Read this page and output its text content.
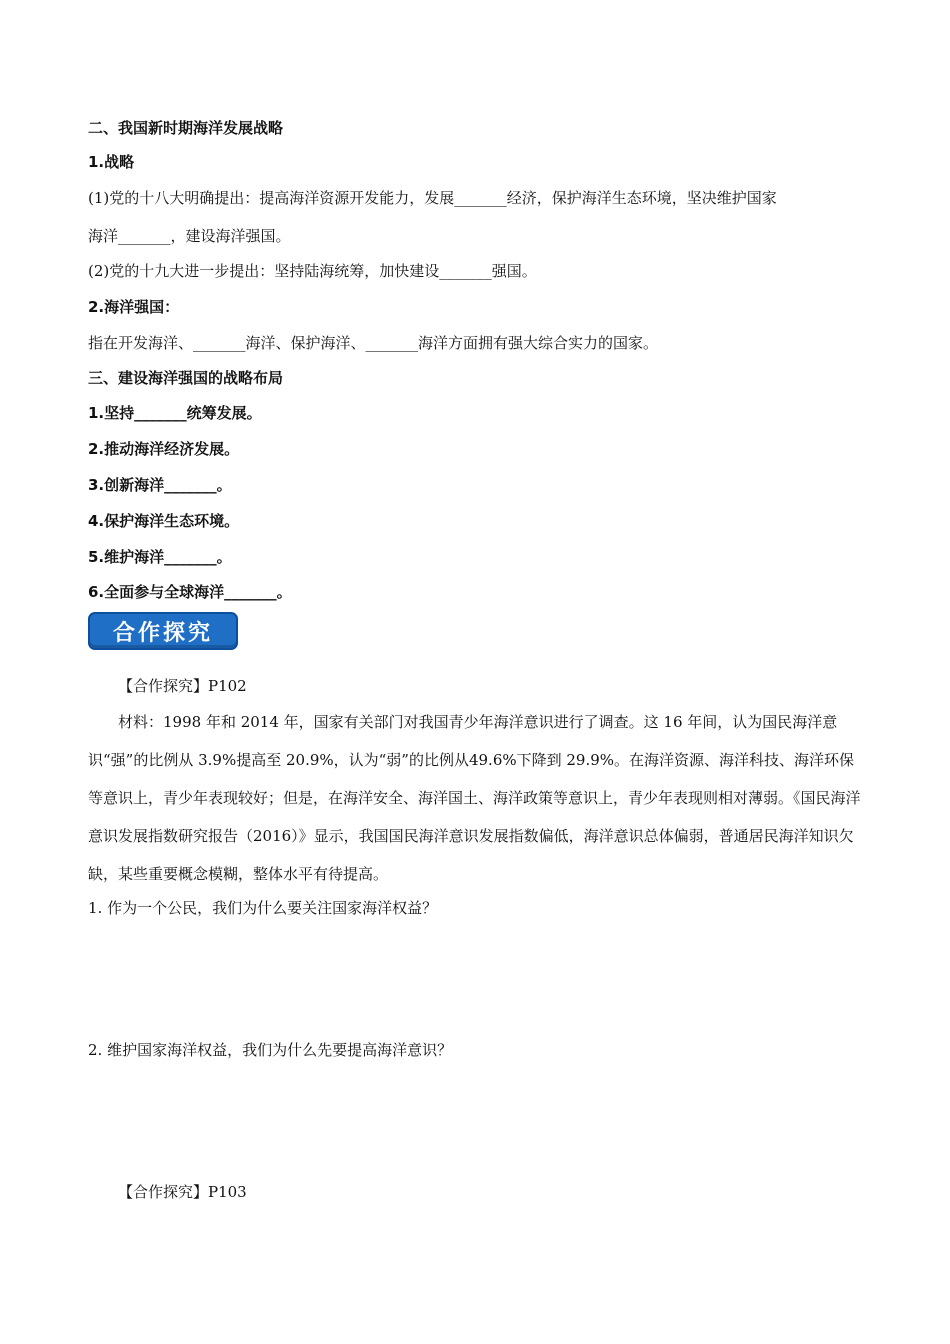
二、我国新时期海洋发展战略
1.战略
(1)党的十八大明确提出：提高海洋资源开发能力，发展_______经济，保护海洋生态环境，坚决维护国家
海洋_______，建设海洋强国。
(2)党的十九大进一步提出：坚持陆海统筹，加快建设_______强国。
2.海洋强国：
指在开发海洋、_______海洋、保护海洋、_______海洋方面拥有强大综合实力的国家。
三、建设海洋强国的战略布局
1.坚持_______统筹发展。
2.推动海洋经济发展。
3.创新海洋_______。
4.保护海洋生态环境。
5.维护海洋_______。
6.全面参与全球海洋_______。
合作探究
【合作探究】P102
材料：1998 年和 2014 年，国家有关部门对我国青少年海洋意识进行了调查。这 16 年间，认为国民海洋意识“强”的比例从 3.9%提高至 20.9%，认为“弱”的比例从49.6%下降到 29.9%。在海洋资源、海洋科技、海洋环保等意识上，青少年表现较好；但是，在海洋安全、海洋国土、海洋政策等意识上，青少年表现则相对薄弱。《国民海洋意识发展指数研究报告（2016）》显示，我国国民海洋意识发展指数偏低，海洋意识总体偏弱，普通居民海洋知识欠缺，某些重要概念模糊，整体水平有待提高。
1. 作为一个公民，我们为什么要关注国家海洋权益？
2. 维护国家海洋权益，我们为什么先要提高海洋意识？
【合作探究】P103
